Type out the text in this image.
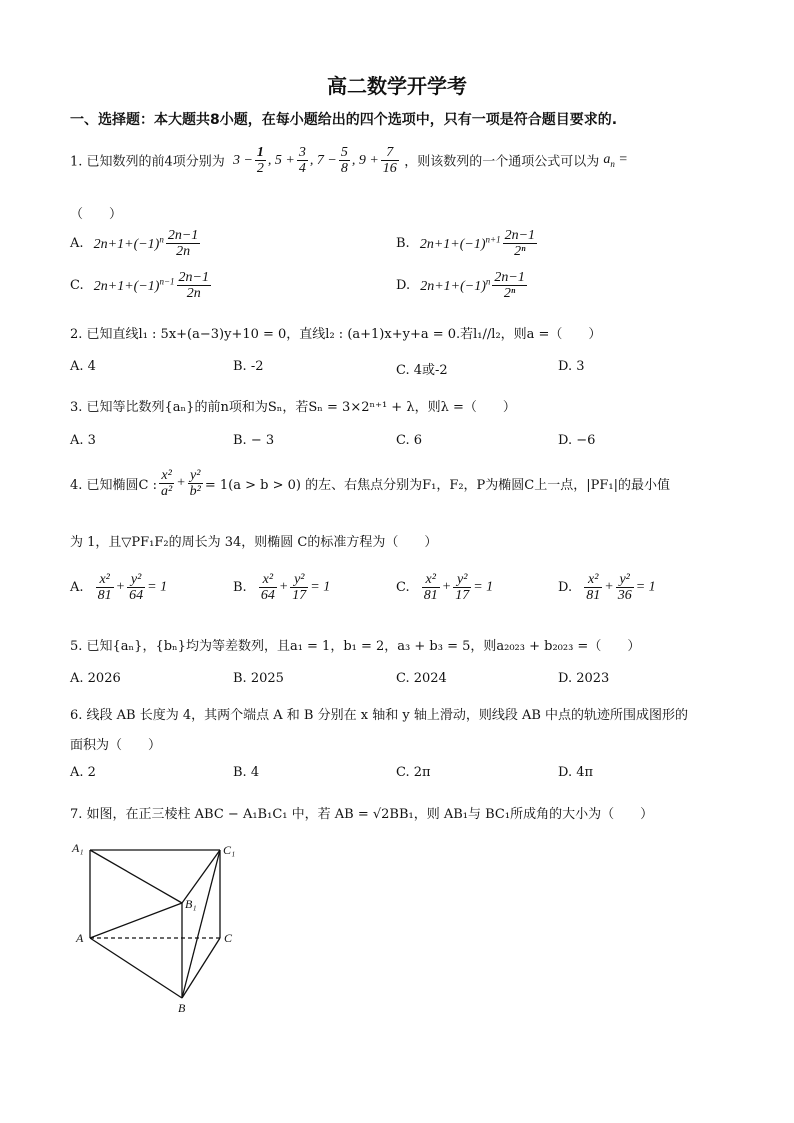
高二数学开学考
一、选择题：本大题共8小题，在每小题给出的四个选项中，只有一项是符合题目要求的.
1. 已知数列的前4项分别为 $3 - \frac{1}{2}$ , $5 + \frac{3}{4}$ , $7 - \frac{5}{8}$ , $9 + \frac{7}{16}$ ，则该数列的一个通项公式可以为 $a_n$ =
（　　）
A. $2n+1+(-1)^n \frac{2n-1}{2n}$	B. $2n+1+(-1)^{n+1} \frac{2n-1}{\text{2ⁿ}}$
C. $2n+1+(-1)^{n-1} \frac{2n-1}{2n}$	D. $2n+1+(-1)^n \frac{2n-1}{\text{2ⁿ}}$
2. 已知直线l₁ : 5x+(a−3)y+10 = 0，直线l₂ : (a+1)x+y+a = 0.若l₁//l₂，则a =（　　）
A. 4	B. -2	C. 4或-2	D. 3
3. 已知等比数列{aₙ}的前n项和为Sₙ，若Sₙ = 3×2ⁿ⁺¹ + λ，则λ =（　　）
A. 3	B. − 3	C. 6	D. −6
4. 已知椭圆C : $\frac{\text{x²}}{\text{a²}} + \frac{\text{y²}}{\text{b²}} = 1(a > b > 0)$ 的左、右焦点分别为F₁，F₂，P为椭圆C上一点，|PF₁|的最小值
为 1，且▽PF₁F₂的周长为 34，则椭圆 C的标准方程为（　　）
A. $\frac{\text{x²}}{81} + \frac{\text{y²}}{64} = 1$	B. $\frac{\text{x²}}{64} + \frac{\text{y²}}{17} = 1$	C. $\frac{\text{x²}}{81} + \frac{\text{y²}}{17} = 1$	D. $\frac{\text{x²}}{81} + \frac{\text{y²}}{36} = 1$
5. 已知{aₙ}，{bₙ}均为等差数列，且a₁ = 1，b₁ = 2，a₃ + b₃ = 5，则a₂₀₂₃ + b₂₀₂₃ =（　　）
A. 2026	B. 2025	C. 2024	D. 2023
6. 线段 AB 长度为 4，其两个端点 A 和 B 分别在 x 轴和 y 轴上滑动，则线段 AB 中点的轨迹所围成图形的
面积为（　　）
A. 2	B. 4	C. 2π	D. 4π
7. 如图，在正三棱柱 ABC − A₁B₁C₁ 中，若 AB = √2BB₁，则 AB₁与 BC₁所成角的大小为（　　）
A₁	C₁
B₁
A	C
B
